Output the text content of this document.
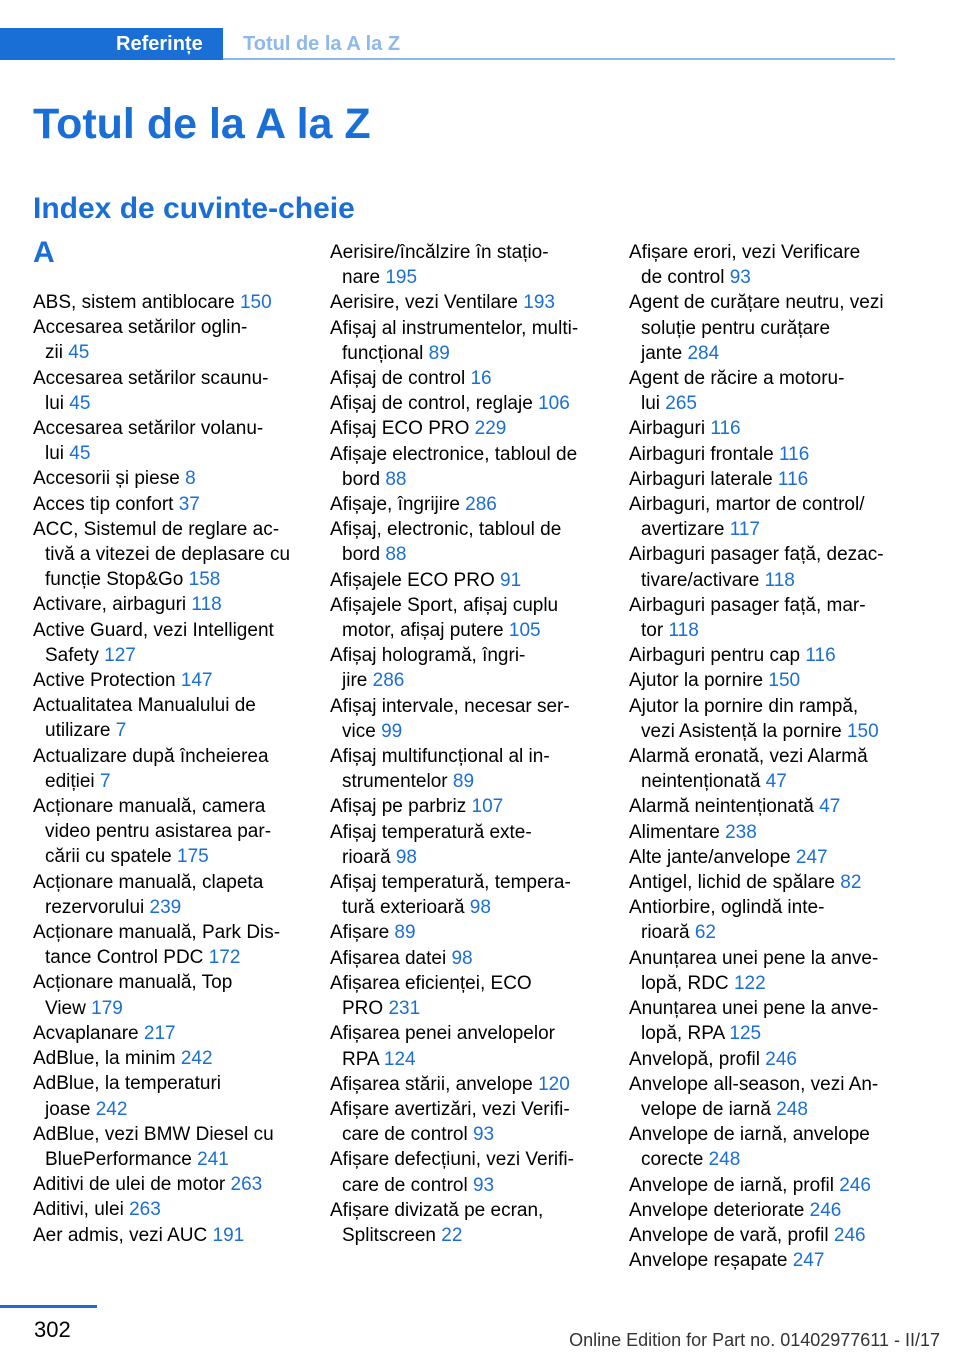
Referințe	Totul de la A la Z
Totul de la A la Z
Index de cuvinte-cheie
A
ABS, sistem antiblocare 150
Accesarea setărilor oglin-
zii 45
Accesarea setărilor scaunu-
lui 45
Accesarea setărilor volanu-
lui 45
Accesorii și piese 8
Acces tip confort 37
ACC, Sistemul de reglare ac-
tivă a vitezei de deplasare cu
funcție Stop&Go 158
Activare, airbaguri 118
Active Guard, vezi Intelligent
Safety 127
Active Protection 147
Actualitatea Manualului de
utilizare 7
Actualizare după încheierea
ediției 7
Acționare manuală, camera
video pentru asistarea par-
cării cu spatele 175
Acționare manuală, clapeta
rezervorului 239
Acționare manuală, Park Dis-
tance Control PDC 172
Acționare manuală, Top
View 179
Acvaplanare 217
AdBlue, la minim 242
AdBlue, la temperaturi
joase 242
AdBlue, vezi BMW Diesel cu
BluePerformance 241
Aditivi de ulei de motor 263
Aditivi, ulei 263
Aer admis, vezi AUC 191
Aerisire/încălzire în stațio-
nare 195
Aerisire, vezi Ventilare 193
Afișaj al instrumentelor, multi-
funcțional 89
Afișaj de control 16
Afișaj de control, reglaje 106
Afișaj ECO PRO 229
Afișaje electronice, tabloul de
bord 88
Afișaje, îngrijire 286
Afișaj, electronic, tabloul de
bord 88
Afișajele ECO PRO 91
Afișajele Sport, afișaj cuplu
motor, afișaj putere 105
Afișaj hologramă, îngri-
jire 286
Afișaj intervale, necesar ser-
vice 99
Afișaj multifuncțional al in-
strumentelor 89
Afișaj pe parbriz 107
Afișaj temperatură exte-
rioară 98
Afișaj temperatură, tempera-
tură exterioară 98
Afișare 89
Afișarea datei 98
Afișarea eficienței, ECO
PRO 231
Afișarea penei anvelopelor
RPA 124
Afișarea stării, anvelope 120
Afișare avertizări, vezi Verifi-
care de control 93
Afișare defecțiuni, vezi Verifi-
care de control 93
Afișare divizată pe ecran,
Splitscreen 22
Afișare erori, vezi Verificare
de control 93
Agent de curățare neutru, vezi
soluție pentru curățare
jante 284
Agent de răcire a motoru-
lui 265
Airbaguri 116
Airbaguri frontale 116
Airbaguri laterale 116
Airbaguri, martor de control/
avertizare 117
Airbaguri pasager față, dezac-
tivare/activare 118
Airbaguri pasager față, mar-
tor 118
Airbaguri pentru cap 116
Ajutor la pornire 150
Ajutor la pornire din rampă,
vezi Asistență la pornire 150
Alarmă eronată, vezi Alarmă
neintenționată 47
Alarmă neintenționată 47
Alimentare 238
Alte jante/anvelope 247
Antigel, lichid de spălare 82
Antiorbire, oglindă inte-
rioară 62
Anunțarea unei pene la anve-
lopă, RDC 122
Anunțarea unei pene la anve-
lopă, RPA 125
Anvelopă, profil 246
Anvelope all-season, vezi An-
velope de iarnă 248
Anvelope de iarnă, anvelope
corecte 248
Anvelope de iarnă, profil 246
Anvelope deteriorate 246
Anvelope de vară, profil 246
Anvelope reșapate 247
302	Online Edition for Part no. 01402977611 - II/17
